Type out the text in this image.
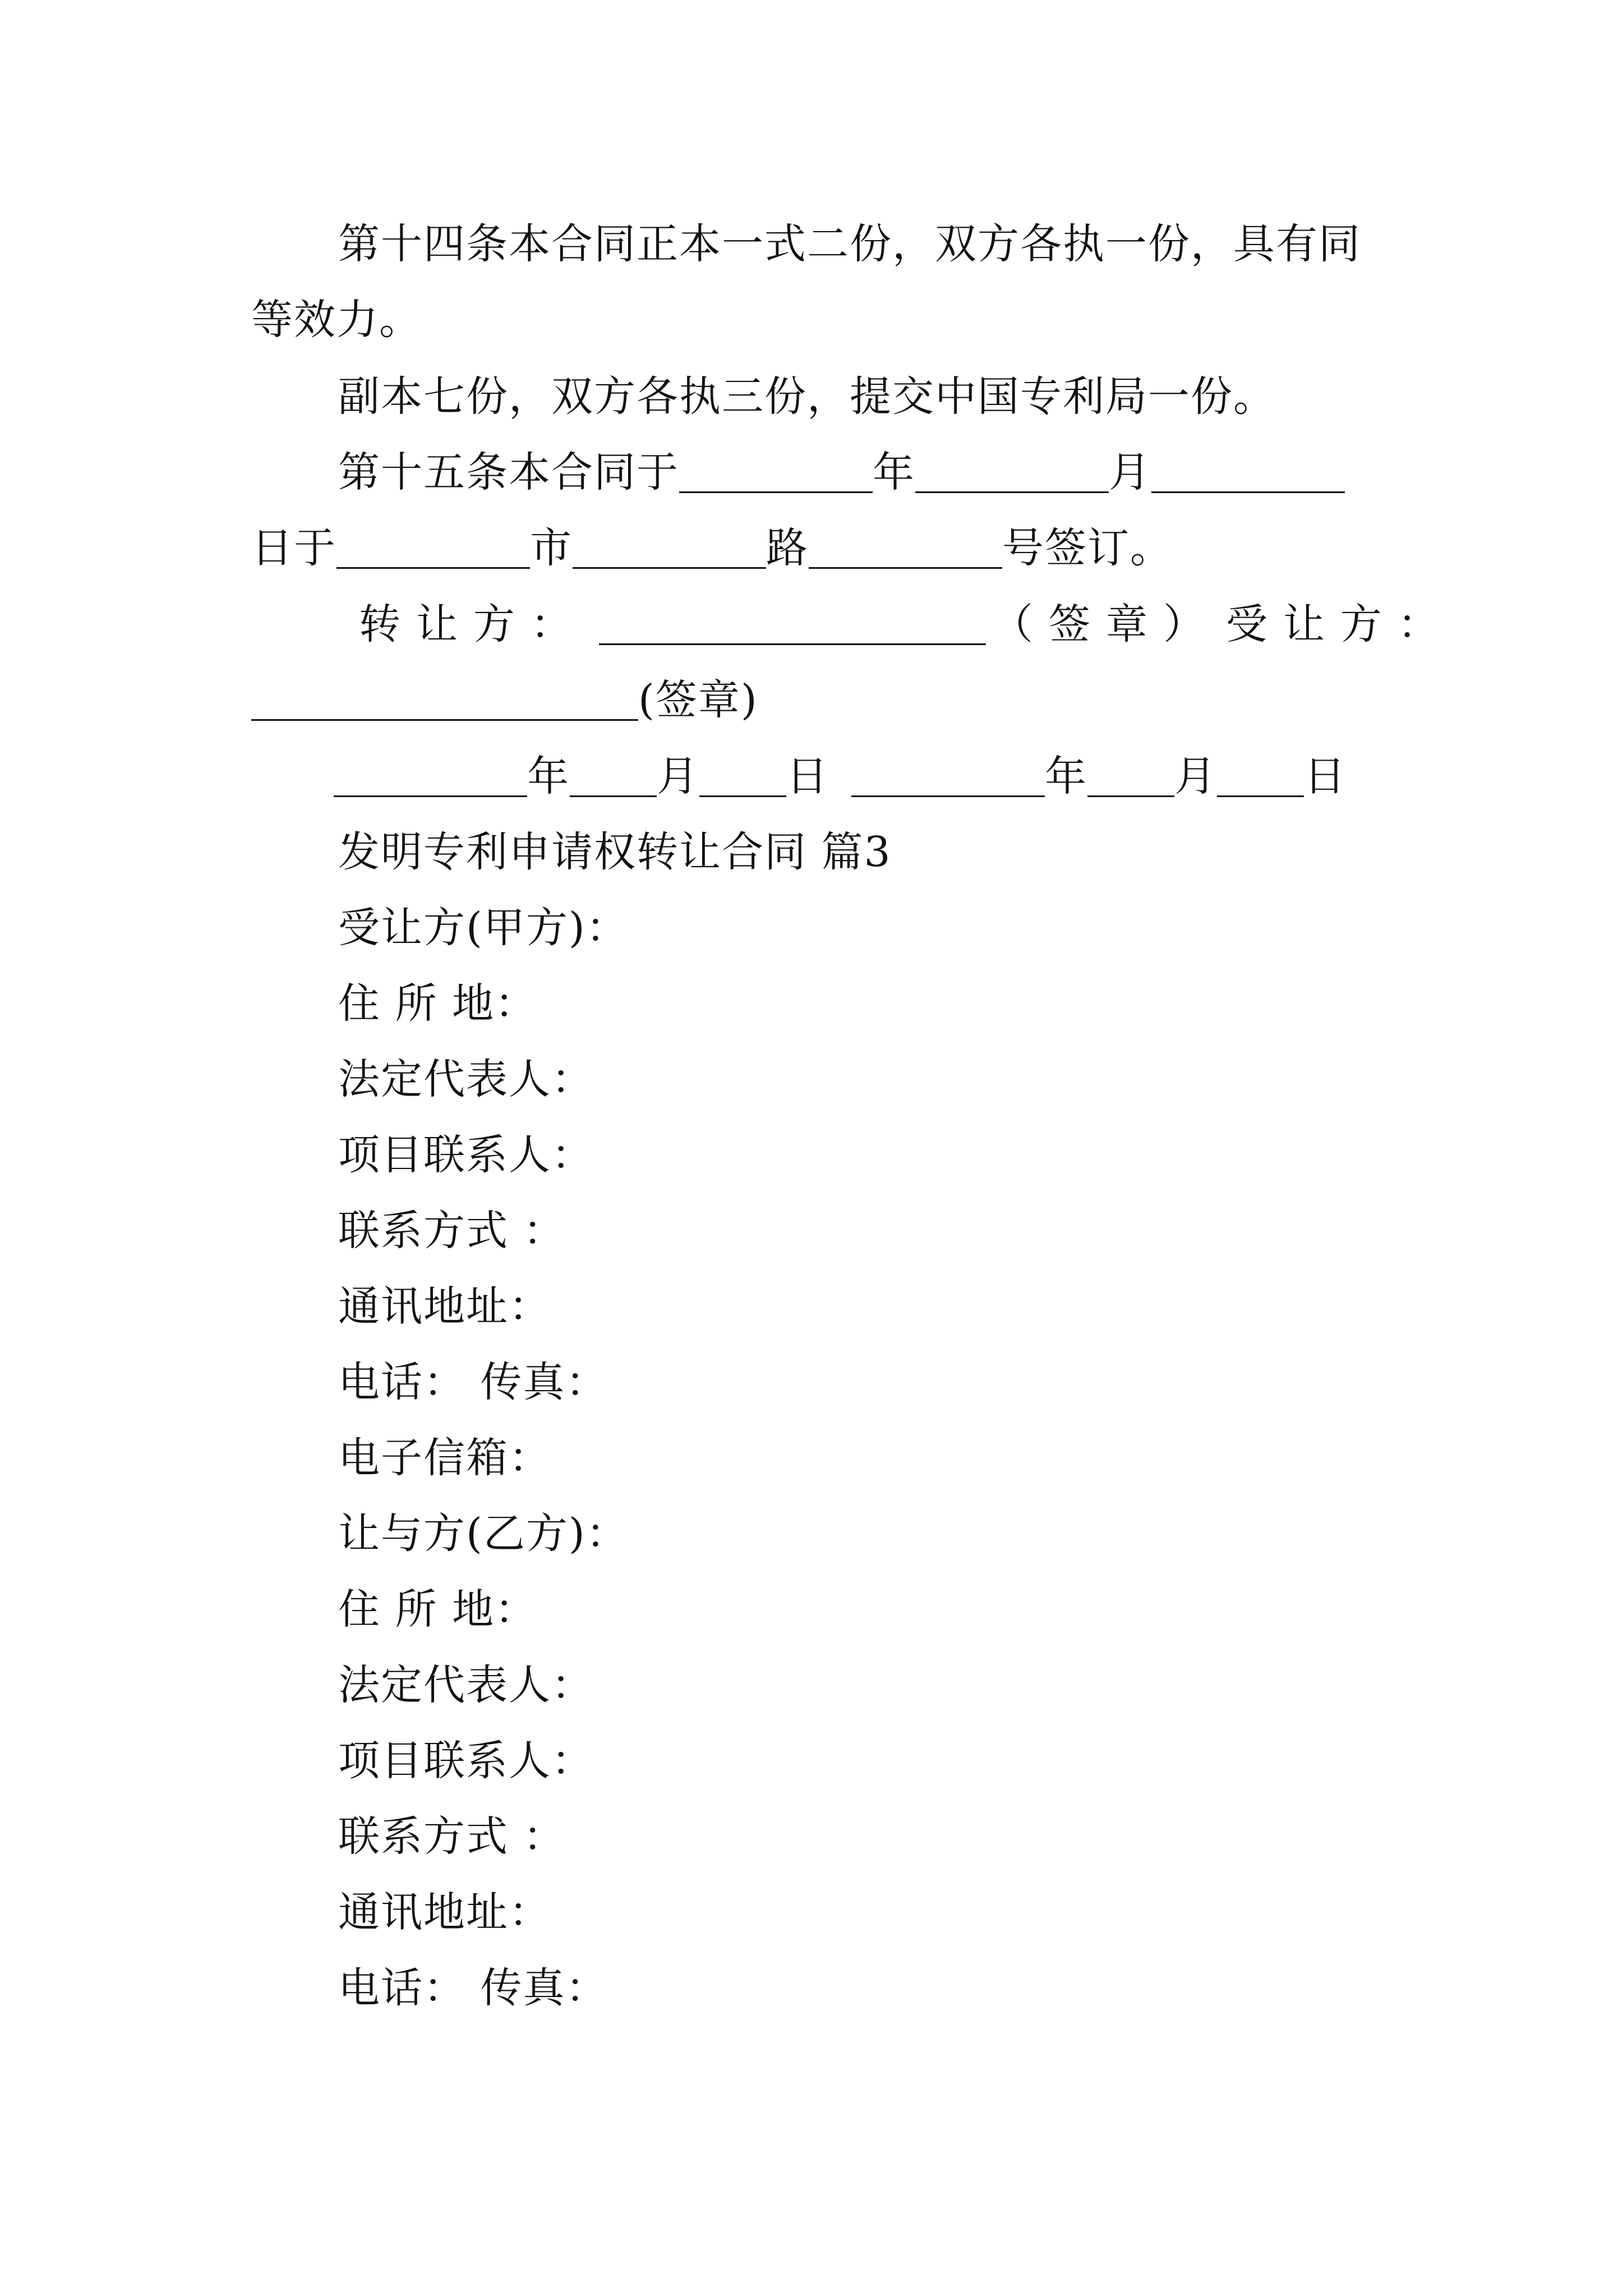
第十四条本合同正本一式二份，双方各执一份，具有同
等效力。
副本七份，双方各执三份，提交中国专利局一份。
第十五条本合同于	年	月
日于	市	路	号签订。
转让方：	（签章） 受让方：
(签章)
年 月 日	年 月 日
发明专利申请权转让合同 篇3
受让方(甲方)：
住 所 地：
法定代表人：
项目联系人：
联系方式 ：
通讯地址：
电话： 传真：
电子信箱：
让与方(乙方)：
住 所 地：
法定代表人：
项目联系人：
联系方式 ：
通讯地址：
电话： 传真：
